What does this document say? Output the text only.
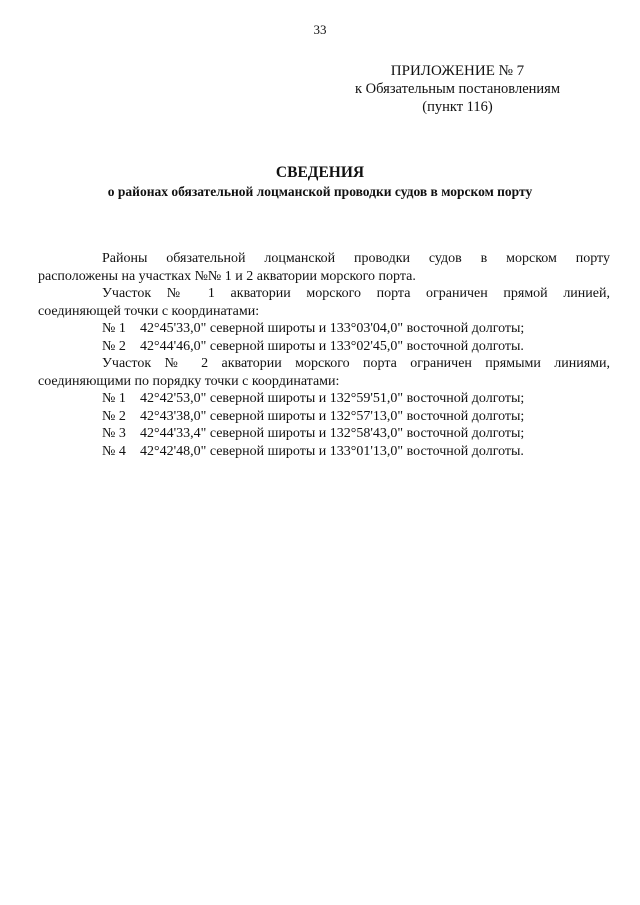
33
ПРИЛОЖЕНИЕ № 7
к Обязательным постановлениям
(пункт 116)
СВЕДЕНИЯ
о районах обязательной лоцманской проводки судов в морском порту
Районы обязательной лоцманской проводки судов в морском порту
расположены на участках №№ 1 и 2 акватории морского порта.
Участок № 1 акватории морского порта ограничен прямой линией,
соединяющей точки с координатами:
№ 1 42°45'33,0" северной широты и 133°03'04,0" восточной долготы;
№ 2 42°44'46,0" северной широты и 133°02'45,0" восточной долготы.
Участок № 2 акватории морского порта ограничен прямыми линиями,
соединяющими по порядку точки с координатами:
№ 1 42°42'53,0" северной широты и 132°59'51,0" восточной долготы;
№ 2 42°43'38,0" северной широты и 132°57'13,0" восточной долготы;
№ 3 42°44'33,4" северной широты и 132°58'43,0" восточной долготы;
№ 4 42°42'48,0" северной широты и 133°01'13,0" восточной долготы.
